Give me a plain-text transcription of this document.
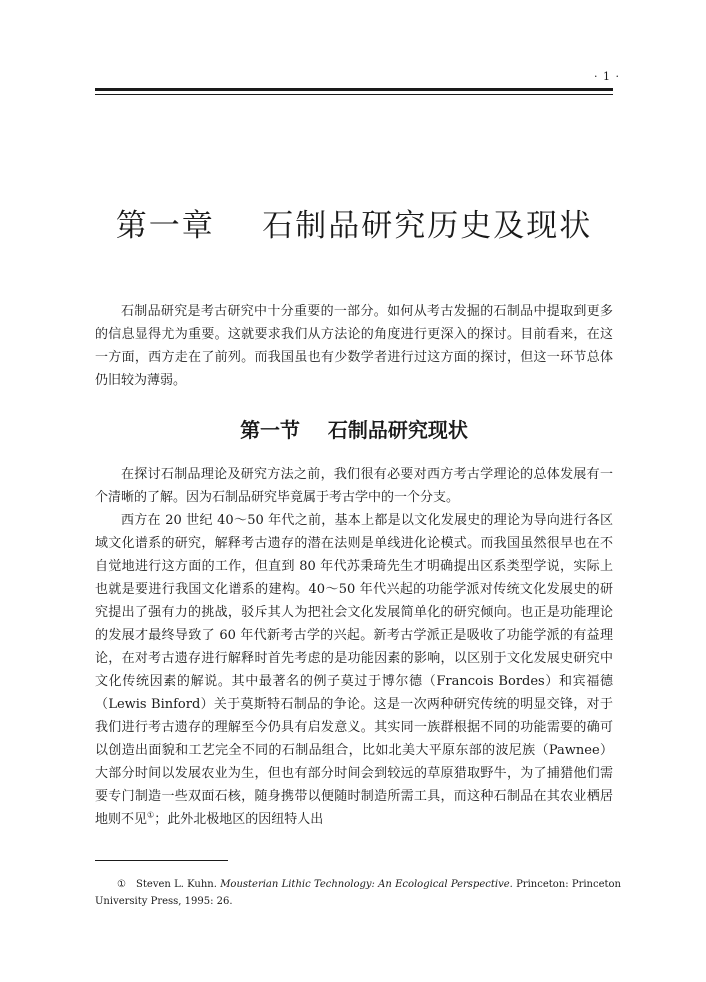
· 1 ·
第一章    石制品研究历史及现状

石制品研究是考古研究中十分重要的一部分。如何从考古发掘的石制品中提取到更多的信息显得尤为重要。这就要求我们从方法论的角度进行更深入的探讨。目前看来，在这一方面，西方走在了前列。而我国虽也有少数学者进行过这方面的探讨，但这一环节总体仍旧较为薄弱。

第一节    石制品研究现状

在探讨石制品理论及研究方法之前，我们很有必要对西方考古学理论的总体发展有一个清晰的了解。因为石制品研究毕竟属于考古学中的一个分支。

西方在 20 世纪 40～50 年代之前，基本上都是以文化发展史的理论为导向进行各区域文化谱系的研究，解释考古遗存的潜在法则是单线进化论模式。而我国虽然很早也在不自觉地进行这方面的工作，但直到 80 年代苏秉琦先生才明确提出区系类型学说，实际上也就是要进行我国文化谱系的建构。40～50 年代兴起的功能学派对传统文化发展史的研究提出了强有力的挑战，驳斥其人为把社会文化发展简单化的研究倾向。也正是功能理论的发展才最终导致了 60 年代新考古学的兴起。新考古学派正是吸收了功能学派的有益理论，在对考古遗存进行解释时首先考虑的是功能因素的影响，以区别于文化发展史研究中文化传统因素的解说。其中最著名的例子莫过于博尔德（Francois Bordes）和宾福德（Lewis Binford）关于莫斯特石制品的争论。这是一次两种研究传统的明显交锋，对于我们进行考古遗存的理解至今仍具有启发意义。其实同一族群根据不同的功能需要的确可以创造出面貌和工艺完全不同的石制品组合，比如北美大平原东部的波尼族（Pawnee）大部分时间以发展农业为生，但也有部分时间会到较远的草原猎取野牛，为了捕猎他们需要专门制造一些双面石核，随身携带以便随时制造所需工具，而这种石制品在其农业栖居地则不见①；此外北极地区的因纽特人出

① Steven L. Kuhn. Mousterian Lithic Technology: An Ecological Perspective. Princeton: Princeton University Press, 1995: 26.
